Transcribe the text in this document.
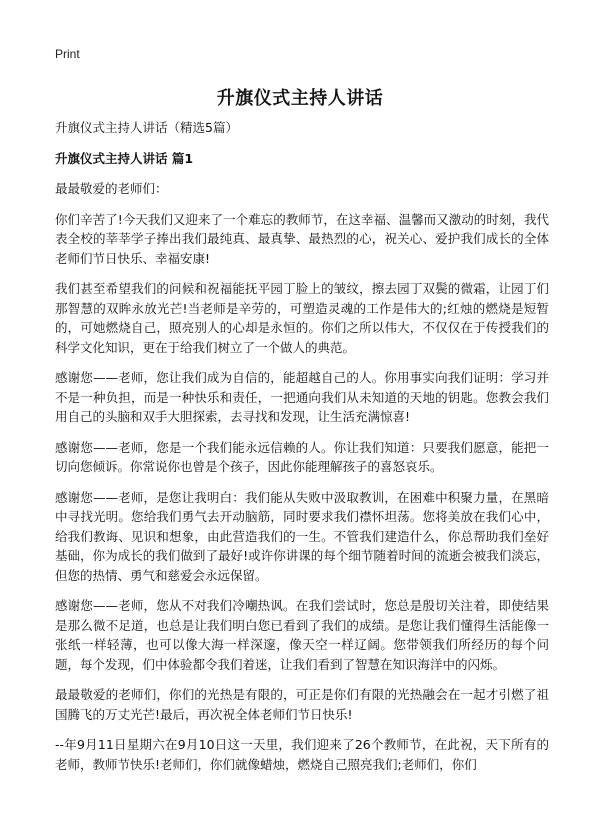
Print
升旗仪式主持人讲话

升旗仪式主持人讲话（精选5篇）

升旗仪式主持人讲话 篇1

最最敬爱的老师们：

你们辛苦了!今天我们又迎来了一个难忘的教师节，在这幸福、温馨而又激动的时刻，我代表全校的莘莘学子捧出我们最纯真、最真挚、最热烈的心，祝关心、爱护我们成长的全体老师们节日快乐、幸福安康!

我们甚至希望我们的问候和祝福能抚平园丁脸上的皱纹，擦去园丁双鬓的微霜，让园丁们那智慧的双眸永放光芒!当老师是辛劳的，可塑造灵魂的工作是伟大的;红烛的燃烧是短暂的，可她燃烧自己，照亮别人的心却是永恒的。你们之所以伟大，不仅仅在于传授我们的科学文化知识，更在于给我们树立了一个做人的典范。

感谢您——老师，您让我们成为自信的，能超越自己的人。你用事实向我们证明：学习并不是一种负担，而是一种快乐和责任，一把通向我们从未知道的天地的钥匙。您教会我们用自己的头脑和双手大胆探索，去寻找和发现，让生活充满惊喜!

感谢您——老师，您是一个我们能永远信赖的人。你让我们知道：只要我们愿意，能把一切向您倾诉。你常说你也曾是个孩子，因此你能理解孩子的喜怒哀乐。

感谢您——老师，是您让我明白：我们能从失败中汲取教训，在困难中积聚力量，在黑暗中寻找光明。您给我们勇气去开动脑筋，同时要求我们襟怀坦荡。您将美放在我们心中，给我们教诲、见识和想象，由此营造我们的一生。不管我们建造什么，你总帮助我们垒好基础，你为成长的我们做到了最好!或许你讲课的每个细节随着时间的流逝会被我们淡忘，但您的热情、勇气和慈爱会永远保留。

感谢您——老师，您从不对我们冷嘲热讽。在我们尝试时，您总是殷切关注着，即使结果是那么微不足道，也总是让我们明白您已看到了我们的成绩。是您让我们懂得生活能像一张纸一样轻薄，也可以像大海一样深邃，像天空一样辽阔。您带领我们所经历的每个问题，每个发现，们中体验都令我们着迷，让我们看到了智慧在知识海洋中的闪烁。

最最敬爱的老师们，你们的光热是有限的，可正是你们有限的光热融会在一起才引燃了祖国腾飞的万丈光芒!最后，再次祝全体老师们节日快乐!

--年9月11日星期六在9月10日这一天里，我们迎来了26个教师节，在此祝，天下所有的老师，教师节快乐!老师们，你们就像蜡烛，燃烧自己照亮我们;老师们，你们
